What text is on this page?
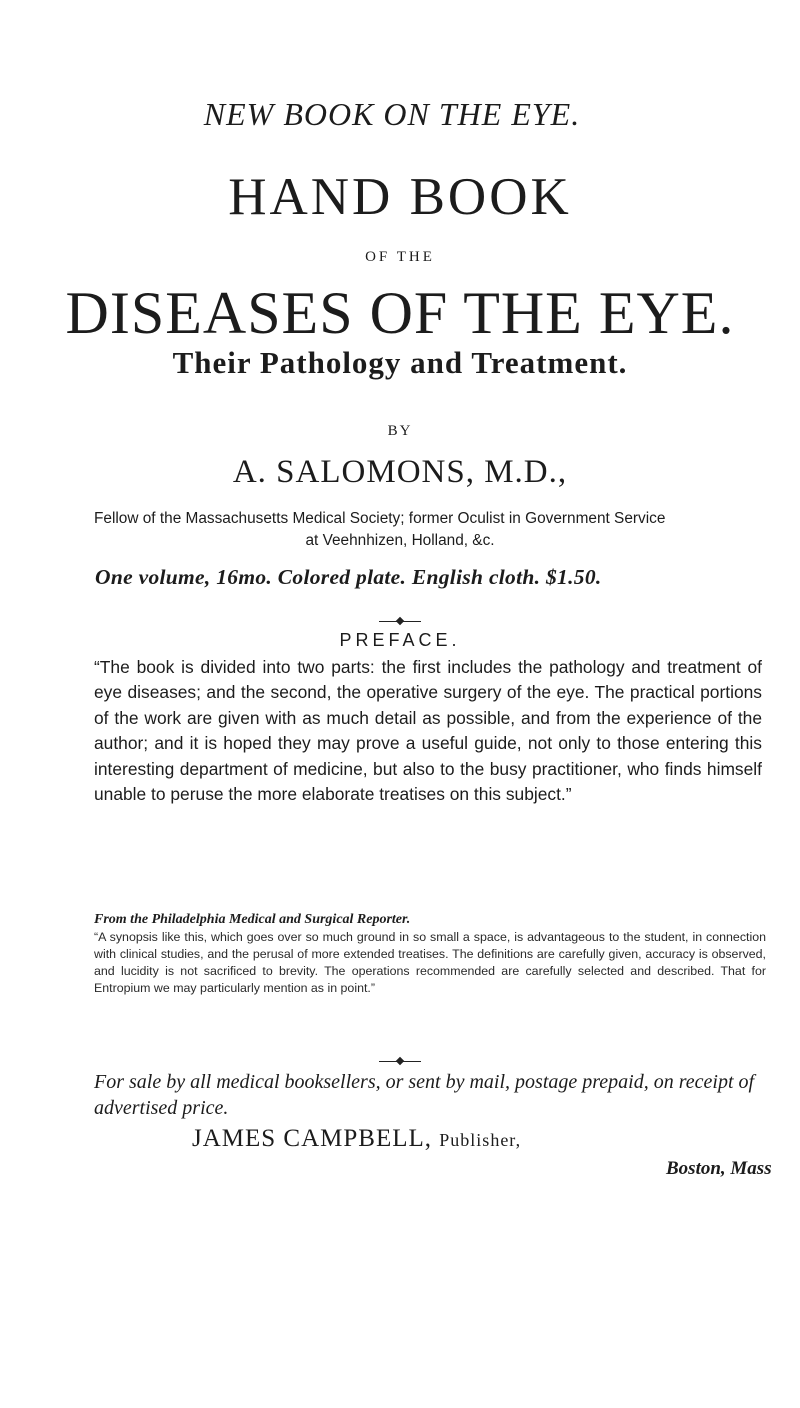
NEW BOOK ON THE EYE.
HAND BOOK
OF THE
DISEASES OF THE EYE.
Their Pathology and Treatment.
BY
A. SALOMONS, M.D.,
Fellow of the Massachusetts Medical Society; former Oculist in Government Service
at Veehnhizen, Holland, &c.
One volume, 16mo. Colored plate. English cloth. $1.50.
PREFACE.
“The book is divided into two parts: the first includes the pathology and treatment of eye diseases; and the second, the operative surgery of the eye. The practical portions of the work are given with as much detail as possible, and from the experience of the author; and it is hoped they may prove a useful guide, not only to those entering this interesting department of medicine, but also to the busy practitioner, who finds himself unable to peruse the more elaborate treatises on this subject.”
From the Philadelphia Medical and Surgical Reporter.
“A synopsis like this, which goes over so much ground in so small a space, is advantageous to the student, in connection with clinical studies, and the perusal of more extended treatises. The definitions are carefully given, accuracy is observed, and lucidity is not sacrificed to brevity. The operations recommended are carefully selected and described. That for Entropium we may particularly mention as in point.”
For sale by all medical booksellers, or sent by mail, postage prepaid, on receipt of advertised price.
JAMES CAMPBELL, Publisher,
Boston, Mass
